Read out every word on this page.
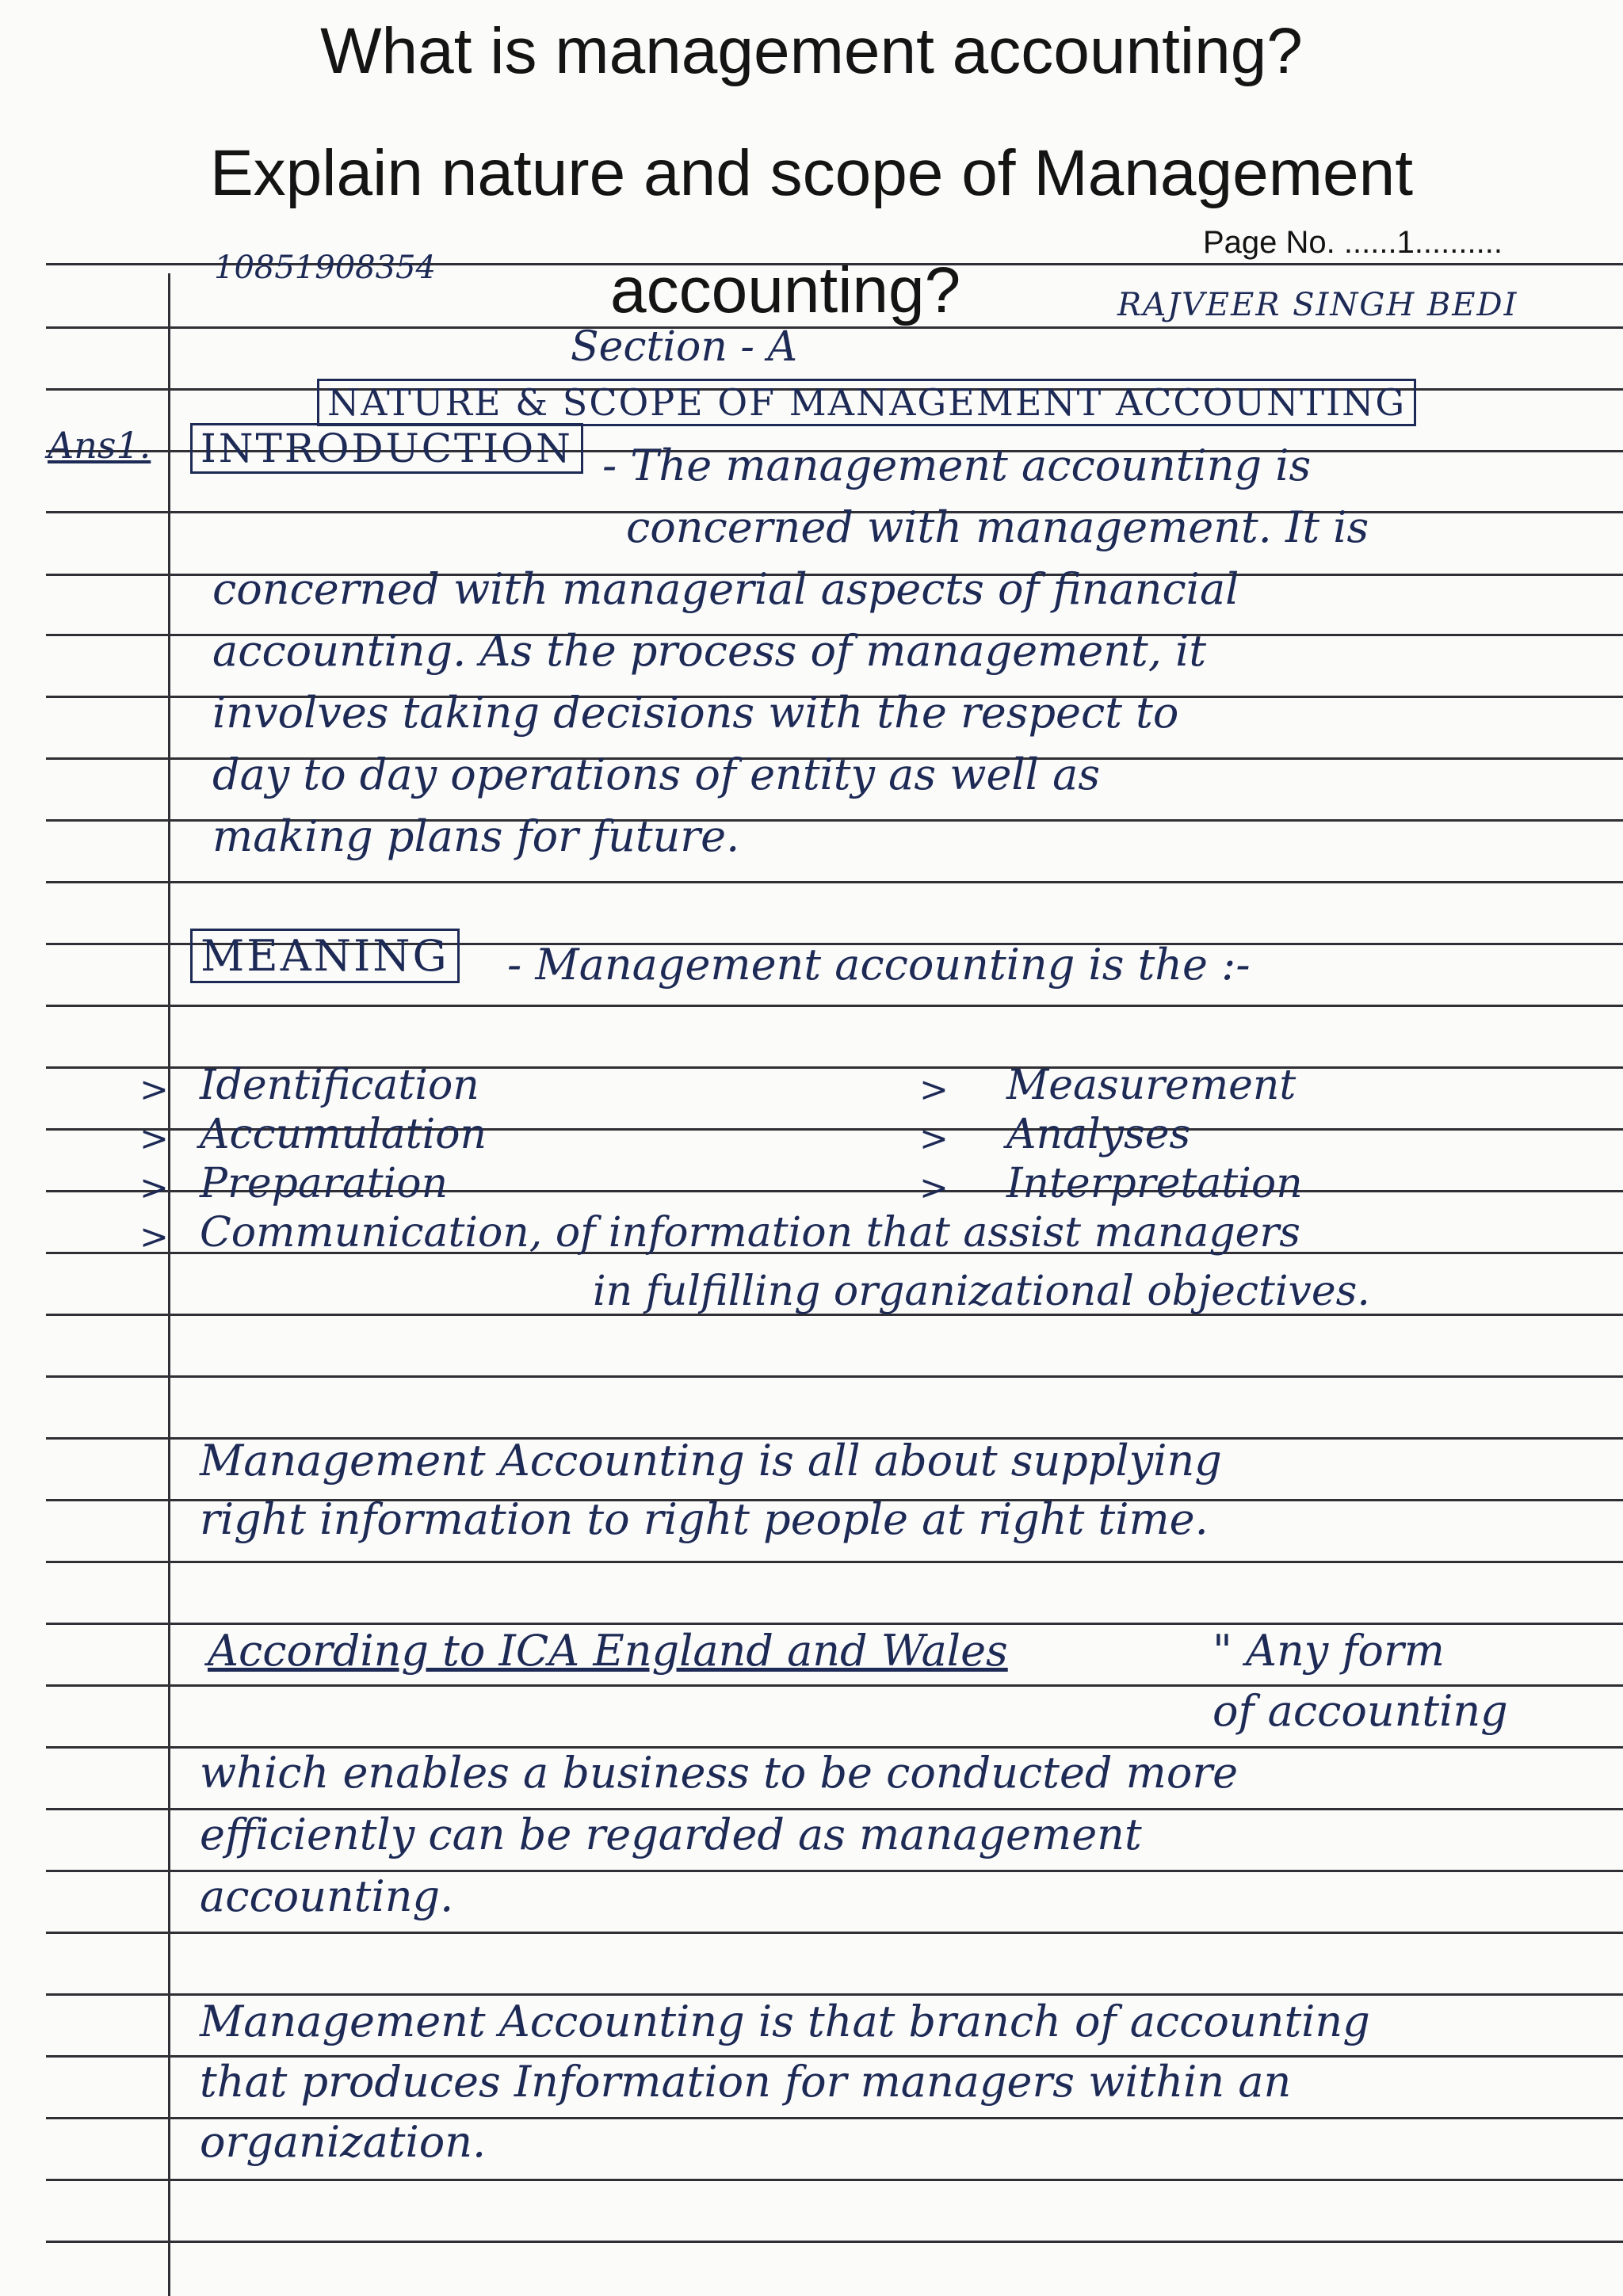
What is management accounting?
Explain nature and scope of Management
accounting?
Page No. ......1..........
10851908354
RAJVEER SINGH BEDI
Section - A
NATURE & SCOPE OF MANAGEMENT ACCOUNTING
Ans1. INTRODUCTION - The management accounting is
concerned with management. It is
concerned with managerial aspects of financial
accounting. As the process of management, it
involves taking decisions with the respect to
day to day operations of entity as well as
making plans for future.
MEANING - Management accounting is the :-
>
>
>
>
Identification
Accumulation
Preparation
Communication, of information that assist managers
>
>
>
Measurement
Analyses
Interpretation
in fulfilling organizational objectives.
Management Accounting is all about supplying
right information to right people at right time.
According to ICA England and Wales	" Any form
of accounting
which enables a business to be conducted more
efficiently can be regarded as management
accounting.
Management Accounting is that branch of accounting
that produces Information for managers within an
organization.
